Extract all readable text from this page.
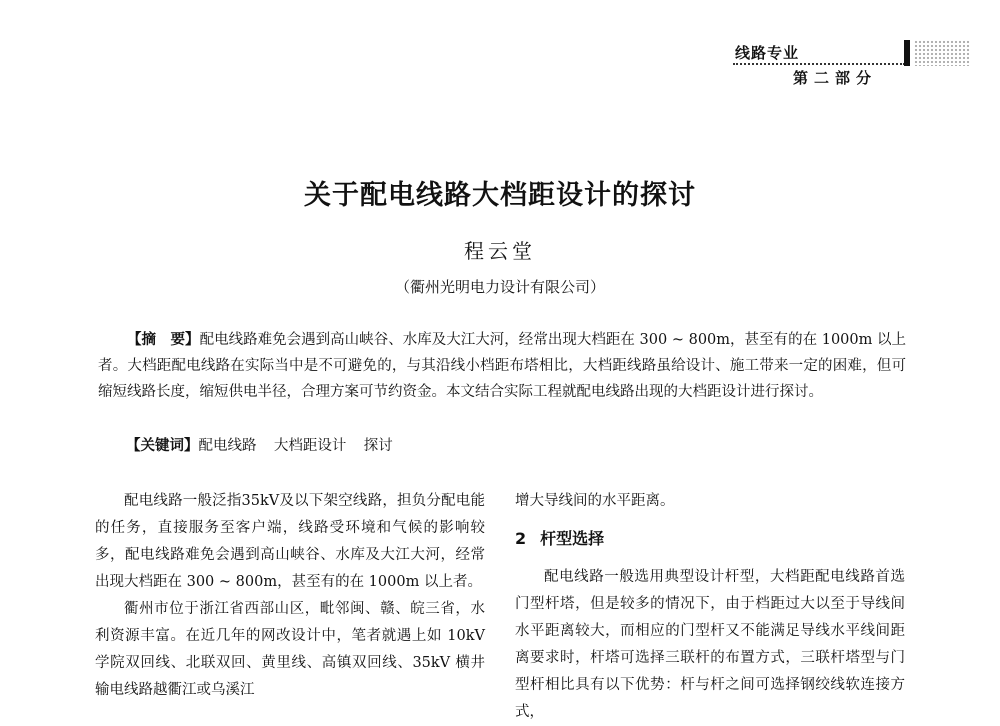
线路专业
第二部分
关于配电线路大档距设计的探讨
程云堂
（衢州光明电力设计有限公司）

【摘　要】配电线路难免会遇到高山峡谷、水库及大江大河，经常出现大档距在 300 ~ 800m，甚至有的在 1000m 以上者。大档距配电线路在实际当中是不可避免的，与其沿线小档距布塔相比，大档距线路虽给设计、施工带来一定的困难，但可缩短线路长度，缩短供电半径，合理方案可节约资金。本文结合实际工程就配电线路出现的大档距设计进行探讨。

【关键词】配电线路 大档距设计 探讨

配电线路一般泛指35kV及以下架空线路，担负分配电能的任务，直接服务至客户端，线路受环境和气候的影响较多，配电线路难免会遇到高山峡谷、水库及大江大河，经常出现大档距在 300 ~ 800m，甚至有的在 1000m 以上者。

衢州市位于浙江省西部山区，毗邻闽、赣、皖三省，水利资源丰富。在近几年的网改设计中，笔者就遇上如 10kV 学院双回线、北联双回、黄里线、高镇双回线、35kV 横井输电线路越衢江或乌溪江

增大导线间的水平距离。

2 杆型选择

配电线路一般选用典型设计杆型，大档距配电线路首选门型杆塔，但是较多的情况下，由于档距过大以至于导线间水平距离较大，而相应的门型杆又不能满足导线水平线间距离要求时，杆塔可选择三联杆的布置方式，三联杆塔型与门型杆相比具有以下优势：杆与杆之间可选择钢绞线软连接方式，
